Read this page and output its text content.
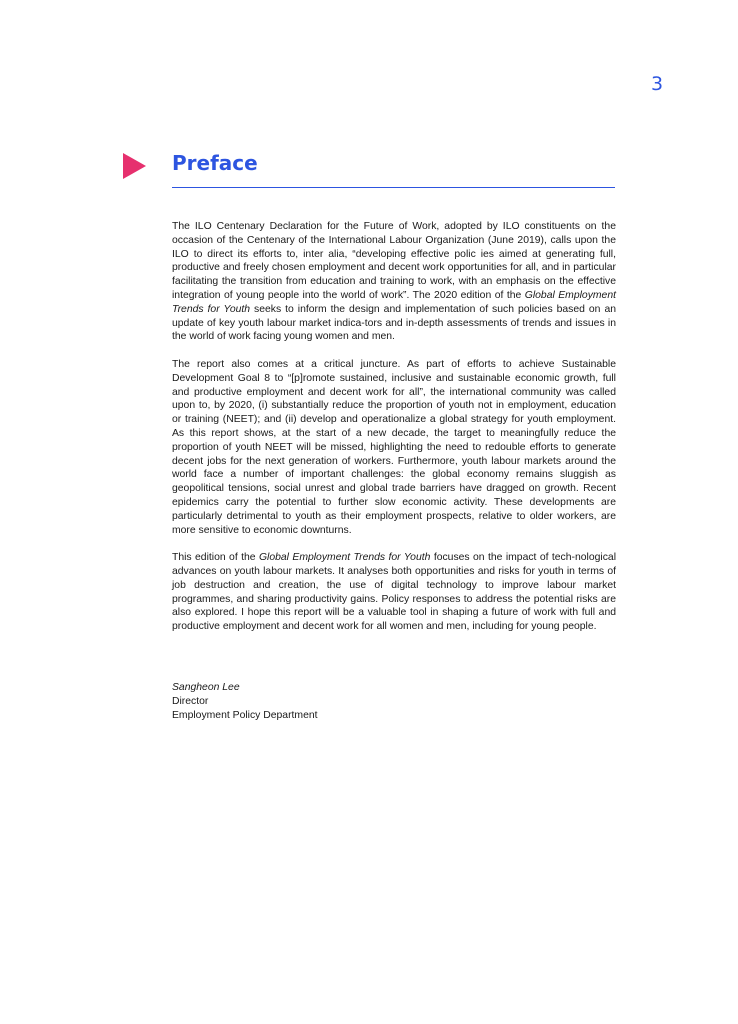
3
Preface

The ILO Centenary Declaration for the Future of Work, adopted by ILO constituents on the occasion of the Centenary of the International Labour Organization (June 2019), calls upon the ILO to direct its efforts to, inter alia, “developing effective polic ies aimed at generating full, productive and freely chosen employment and decent work opportunities for all, and in particular facilitating the transition from education and training to work, with an emphasis on the effective integration of young people into the world of work”. The 2020 edition of the Global Employment Trends for Youth seeks to inform the design and implementation of such policies based on an update of key youth labour market indica-tors and in-depth assessments of trends and issues in the world of work facing young women and men.

The report also comes at a critical juncture. As part of efforts to achieve Sustainable Development Goal 8 to “[p]romote sustained, inclusive and sustainable economic growth, full and productive employment and decent work for all”, the international community was called upon to, by 2020, (i) substantially reduce the proportion of youth not in employment, education or training (NEET); and (ii) develop and operationalize a global strategy for youth employment. As this report shows, at the start of a new decade, the target to meaningfully reduce the proportion of youth NEET will be missed, highlighting the need to redouble efforts to generate decent jobs for the next generation of workers. Furthermore, youth labour markets around the world face a number of important challenges: the global economy remains sluggish as geopolitical tensions, social unrest and global trade barriers have dragged on growth. Recent epidemics carry the potential to further slow economic activity. These developments are particularly detrimental to youth as their employment prospects, relative to older workers, are more sensitive to economic downturns.

This edition of the Global Employment Trends for Youth focuses on the impact of tech-nological advances on youth labour markets. It analyses both opportunities and risks for youth in terms of job destruction and creation, the use of digital technology to improve labour market programmes, and sharing productivity gains. Policy responses to address the potential risks are also explored. I hope this report will be a valuable tool in shaping a future of work with full and productive employment and decent work for all women and men, including for young people.

Sangheon Lee
Director
Employment Policy Department
